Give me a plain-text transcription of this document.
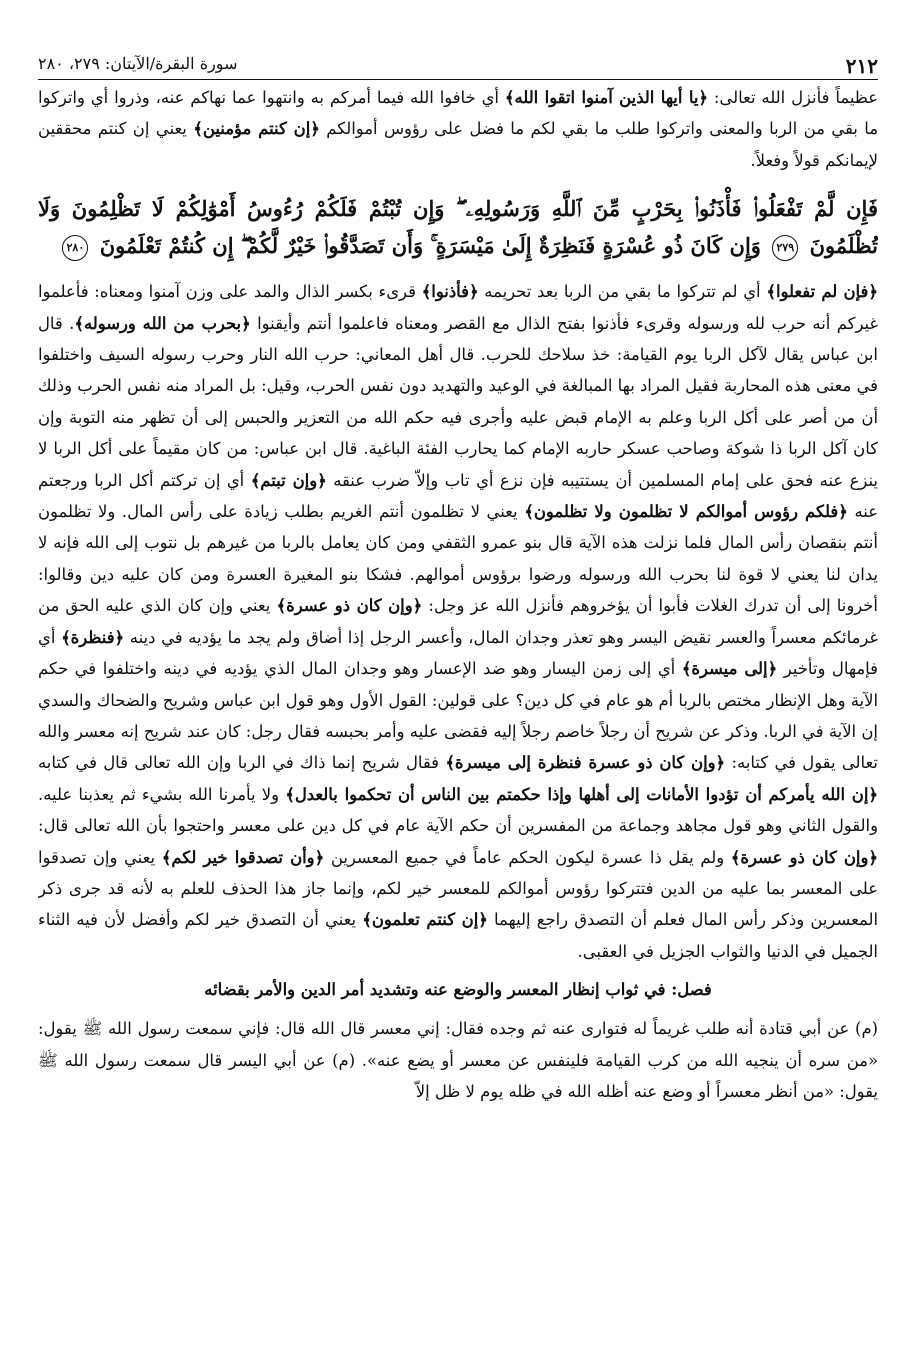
٢١٢
سورة البقرة/الآيتان: ٢٧٩، ٢٨٠

عظيماً فأنزل الله تعالى: ﴿يا أيها الذين آمنوا اتقوا الله﴾ أي خافوا الله فيما أمركم به وانتهوا عما نهاكم عنه، وذروا أي واتركوا ما بقي من الربا والمعنى واتركوا طلب ما بقي لكم ما فضل على رؤوس أموالكم ﴿إن كنتم مؤمنين﴾ يعني إن كنتم محققين لإيمانكم قولاً وفعلاً.

فَإِن لَّمْ تَفْعَلُوا۟ فَأْذَنُوا۟ بِحَرْبٍ مِّنَ ٱللَّهِ وَرَسُولِهِۦ ۖ وَإِن تُبْتُمْ فَلَكُمْ رُءُوسُ أَمْوَٰلِكُمْ لَا تَظْلِمُونَ وَلَا تُظْلَمُونَ ٢٧٩ وَإِن كَانَ ذُو عُسْرَةٍ فَنَظِرَةٌ إِلَىٰ مَيْسَرَةٍ ۚ وَأَن تَصَدَّقُوا۟ خَيْرٌ لَّكُمْ ۖ إِن كُنتُمْ تَعْلَمُونَ ٢٨٠

﴿فإن لم تفعلوا﴾ أي لم تتركوا ما بقي من الربا بعد تحريمه ﴿فأذنوا﴾ قرىء بكسر الذال والمد على وزن آمنوا ومعناه: فأعلموا غيركم أنه حرب لله ورسوله وقرىء فأذنوا بفتح الذال مع القصر ومعناه فاعلموا أنتم وأيقنوا ﴿بحرب من الله ورسوله﴾. قال ابن عباس يقال لآكل الربا يوم القيامة: خذ سلاحك للحرب. قال أهل المعاني: حرب الله النار وحرب رسوله السيف واختلفوا في معنى هذه المحاربة فقيل المراد بها المبالغة في الوعيد والتهديد دون نفس الحرب، وقيل: بل المراد منه نفس الحرب وذلك أن من أصر على أكل الربا وعلم به الإمام قبض عليه وأجرى فيه حكم الله من التعزير والحبس إلى أن تظهر منه التوبة وإن كان آكل الربا ذا شوكة وصاحب عسكر حاربه الإمام كما يحارب الفئة الباغية. قال ابن عباس: من كان مقيماً على أكل الربا لا ينزع عنه فحق على إمام المسلمين أن يستتيبه فإن نزع أي تاب وإلاّ ضرب عنقه ﴿وإن تبتم﴾ أي إن تركتم أكل الربا ورجعتم عنه ﴿فلكم رؤوس أموالكم لا تظلمون ولا تظلمون﴾ يعني لا تظلمون أنتم الغريم بطلب زيادة على رأس المال. ولا تظلمون أنتم بنقصان رأس المال فلما نزلت هذه الآية قال بنو عمرو الثقفي ومن كان يعامل بالربا من غيرهم بل نتوب إلى الله فإنه لا يدان لنا يعني لا قوة لنا بحرب الله ورسوله ورضوا برؤوس أموالهم. فشكا بنو المغيرة العسرة ومن كان عليه دين وقالوا: أخرونا إلى أن تدرك الغلات فأبوا أن يؤخروهم فأنزل الله عز وجل: ﴿وإن كان ذو عسرة﴾ يعني وإن كان الذي عليه الحق من غرمائكم معسراً والعسر نقيض اليسر وهو تعذر وجدان المال، وأعسر الرجل إذا أضاق ولم يجد ما يؤديه في دينه ﴿فنظرة﴾ أي فإمهال وتأخير ﴿إلى ميسرة﴾ أي إلى زمن اليسار وهو ضد الإعسار وهو وجدان المال الذي يؤديه في دينه واختلفوا في حكم الآية وهل الإنظار مختص بالربا أم هو عام في كل دين؟ على قولين: القول الأول وهو قول ابن عباس وشريح والضحاك والسدي إن الآية في الربا. وذكر عن شريح أن رجلاً خاصم رجلاً إليه فقضى عليه وأمر بحبسه فقال رجل: كان عند شريح إنه معسر والله تعالى يقول في كتابه: ﴿وإن كان ذو عسرة فنظرة إلى ميسرة﴾ فقال شريح إنما ذاك في الربا وإن الله تعالى قال في كتابه ﴿إن الله يأمركم أن تؤدوا الأمانات إلى أهلها وإذا حكمتم بين الناس أن تحكموا بالعدل﴾ ولا يأمرنا الله بشيء ثم يعذبنا عليه. والقول الثاني وهو قول مجاهد وجماعة من المفسرين أن حكم الآية عام في كل دين على معسر واحتجوا بأن الله تعالى قال: ﴿وإن كان ذو عسرة﴾ ولم يقل ذا عسرة ليكون الحكم عاماً في جميع المعسرين ﴿وأن تصدقوا خير لكم﴾ يعني وإن تصدقوا على المعسر بما عليه من الدين فتتركوا رؤوس أموالكم للمعسر خير لكم، وإنما جاز هذا الحذف للعلم به لأنه قد جرى ذكر المعسرين وذكر رأس المال فعلم أن التصدق راجع إليهما ﴿إن كنتم تعلمون﴾ يعني أن التصدق خير لكم وأفضل لأن فيه الثناء الجميل في الدنيا والثواب الجزيل في العقبى.

فصل: في ثواب إنظار المعسر والوضع عنه وتشديد أمر الدين والأمر بقضائه

(م) عن أبي قتادة أنه طلب غريماً له فتوارى عنه ثم وجده فقال: إني معسر قال الله قال: فإني سمعت رسول الله ﷺ يقول: «من سره أن ينجيه الله من كرب القيامة فلينفس عن معسر أو يضع عنه». (م) عن أبي اليسر قال سمعت رسول الله ﷺ يقول: «من أنظر معسراً أو وضع عنه أظله الله في ظله يوم لا ظل إلاّ
